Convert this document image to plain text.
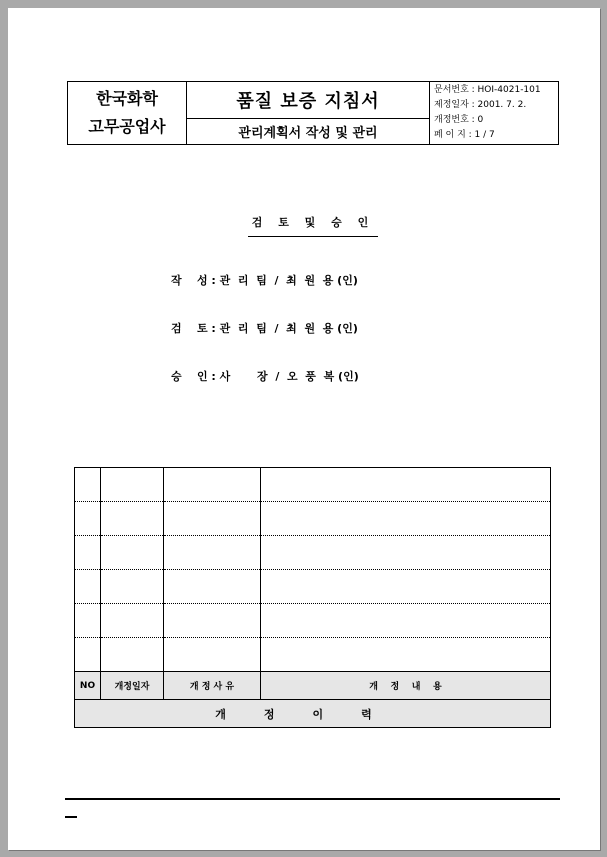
한국화학
고무공업사
품질 보증 지침서
관리계획서 작성 및 관리
문서번호 : HOI-4021-101
제정일자 : 2001. 7. 2.
개정번호 : 0
페 이 지 : 1 / 7
검 토 및 승 인
작    성 : 관  리  팀  /  최  원  용 (인)
검    토 : 관  리  팀  /  최  원  용 (인)
승    인 : 사       장  /  오  풍  복 (인)

NO	개정일자	개 정 사 유	개    정    내    용
개정이력			
